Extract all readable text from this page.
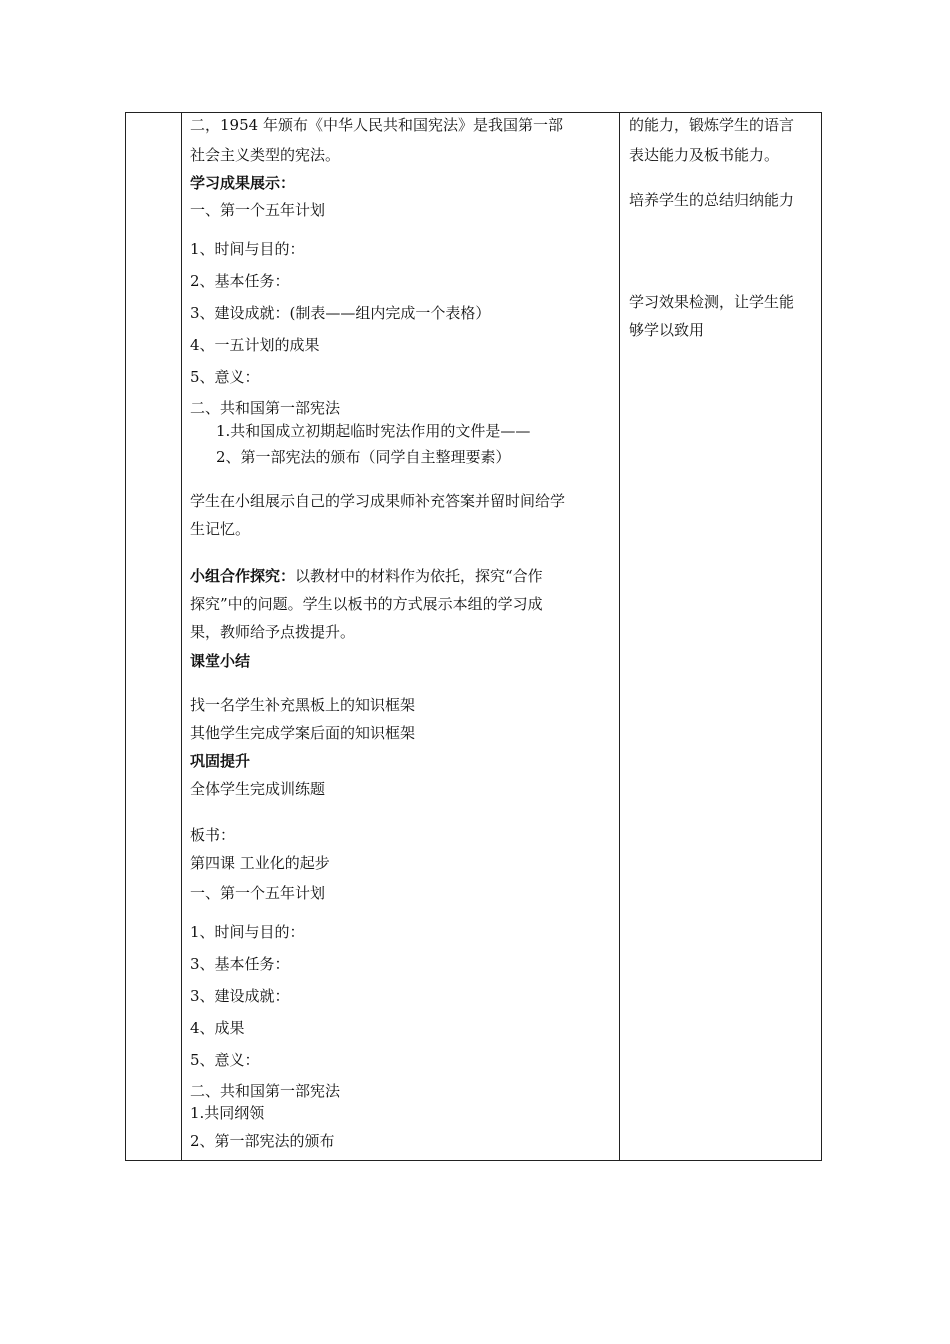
二，1954 年颁布《中华人民共和国宪法》是我国第一部
社会主义类型的宪法。
学习成果展示：
一、第一个五年计划
1、时间与目的：
2、基本任务：
3、建设成就：(制表——组内完成一个表格）
4、一五计划的成果
5、意义：
二、共和国第一部宪法
1.共和国成立初期起临时宪法作用的文件是——
2、第一部宪法的颁布（同学自主整理要素）
学生在小组展示自己的学习成果师补充答案并留时间给学
生记忆。
小组合作探究：以教材中的材料作为依托，探究“合作
探究”中的问题。学生以板书的方式展示本组的学习成
果，教师给予点拨提升。
课堂小结
找一名学生补充黑板上的知识框架
其他学生完成学案后面的知识框架
巩固提升
全体学生完成训练题
板书：
第四课 工业化的起步
一、第一个五年计划
1、时间与目的：
3、基本任务：
3、建设成就：
4、成果
5、意义：
二、共和国第一部宪法
1.共同纲领
2、第一部宪法的颁布
的能力，锻炼学生的语言
表达能力及板书能力。
培养学生的总结归纳能力
学习效果检测，让学生能
够学以致用
